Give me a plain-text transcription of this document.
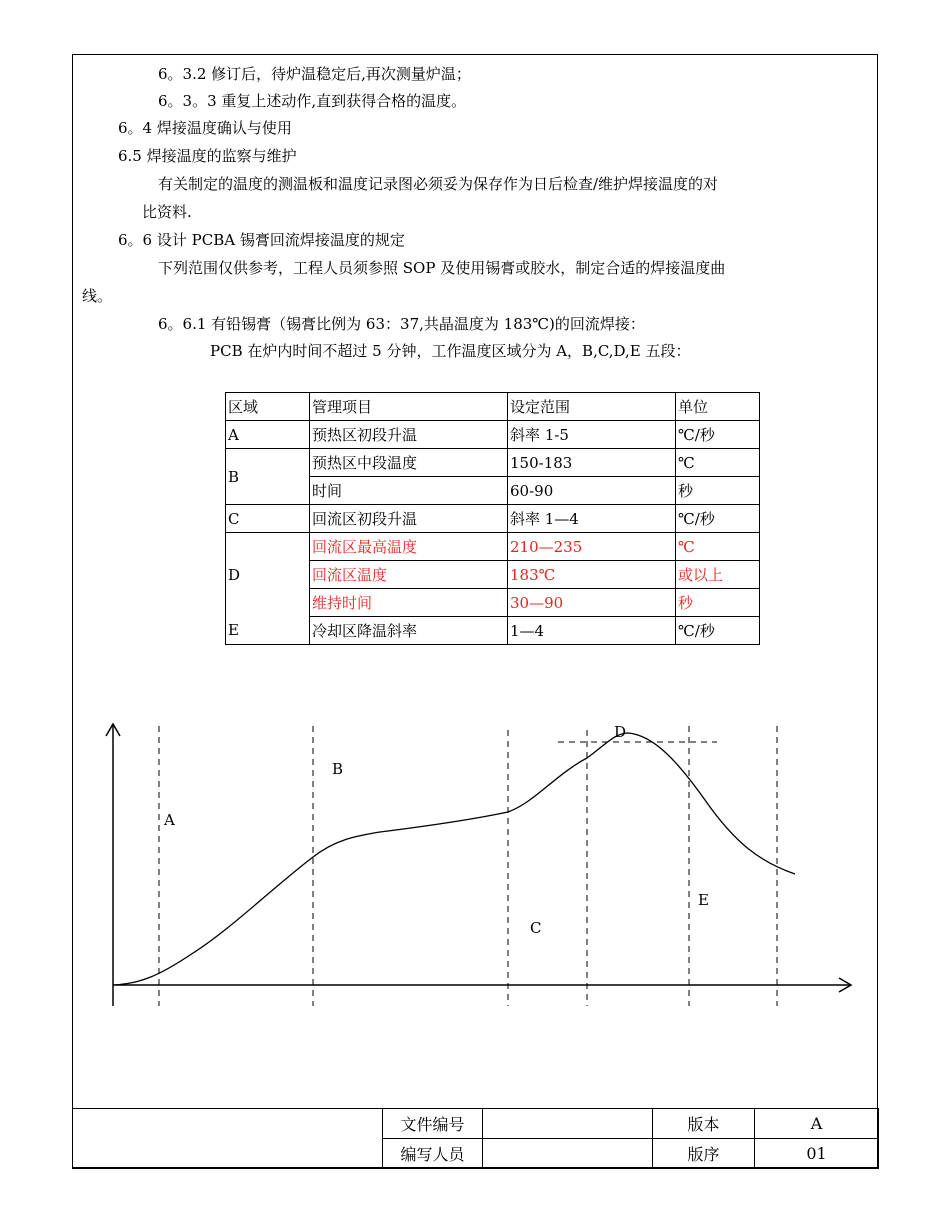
6。3.2 修订后，待炉温稳定后,再次测量炉温；
6。3。3 重复上述动作,直到获得合格的温度。
6。4 焊接温度确认与使用
6.5 焊接温度的监察与维护
有关制定的温度的测温板和温度记录图必须妥为保存作为日后检查/维护焊接温度的对
比资料.
6。6 设计 PCBA 锡膏回流焊接温度的规定
下列范围仅供参考，工程人员须参照 SOP 及使用锡膏或胶水，制定合适的焊接温度曲
线。
6。6.1 有铅锡膏（锡膏比例为 63：37,共晶温度为 183℃)的回流焊接：
PCB 在炉内时间不超过 5 分钟，工作温度区域分为 A，B,C,D,E 五段：
区域	管理项目	设定范围	单位
A	预热区初段升温	斜率 1-5	℃/秒
B	预热区中段温度	150-183	℃
	时间	60-90	秒
C	回流区初段升温	斜率 1—4	℃/秒
D	回流区最高温度	210—235	℃
	回流区温度	183℃	或以上
	维持时间	30—90	秒
E	冷却区降温斜率	1—4	℃/秒
A
B
C
D
E
	文件编号		版本	A
	编写人员		版序	01
